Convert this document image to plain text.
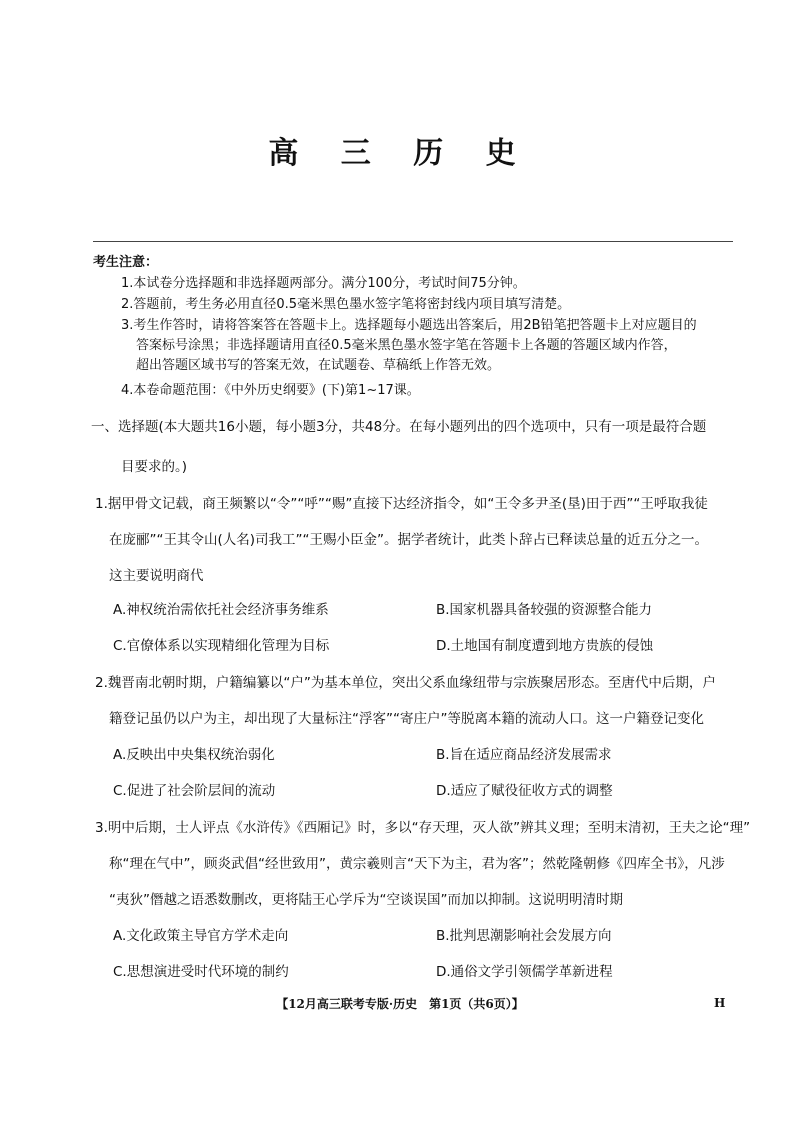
高 三 历 史
考生注意：
1.本试卷分选择题和非选择题两部分。满分100分，考试时间75分钟。
2.答题前，考生务必用直径0.5毫米黑色墨水签字笔将密封线内项目填写清楚。
3.考生作答时，请将答案答在答题卡上。选择题每小题选出答案后，用2B铅笔把答题卡上对应题目的
答案标号涂黑；非选择题请用直径0.5毫米黑色墨水签字笔在答题卡上各题的答题区域内作答，
超出答题区域书写的答案无效，在试题卷、草稿纸上作答无效。
4.本卷命题范围：《中外历史纲要》(下)第1~17课。
一、选择题(本大题共16小题，每小题3分，共48分。在每小题列出的四个选项中，只有一项是最符合题
目要求的。)
1.据甲骨文记载，商王频繁以“令”“呼”“赐”直接下达经济指令，如“王令多尹圣(垦)田于西”“王呼取我徒
在庞郦”“王其令山(人名)司我工”“王赐小臣金”。据学者统计，此类卜辞占已释读总量的近五分之一。
这主要说明商代
A.神权统治需依托社会经济事务维系	B.国家机器具备较强的资源整合能力
C.官僚体系以实现精细化管理为目标	D.土地国有制度遭到地方贵族的侵蚀
2.魏晋南北朝时期，户籍编纂以“户”为基本单位，突出父系血缘纽带与宗族聚居形态。至唐代中后期，户
籍登记虽仍以户为主，却出现了大量标注“浮客”“寄庄户”等脱离本籍的流动人口。这一户籍登记变化
A.反映出中央集权统治弱化	B.旨在适应商品经济发展需求
C.促进了社会阶层间的流动	D.适应了赋役征收方式的调整
3.明中后期，士人评点《水浒传》《西厢记》时，多以“存天理，灭人欲”辨其义理；至明末清初，王夫之论“理”
称“理在气中”，顾炎武倡“经世致用”，黄宗羲则言“天下为主，君为客”；然乾隆朝修《四库全书》，凡涉
“夷狄”僭越之语悉数删改，更将陆王心学斥为“空谈误国”而加以抑制。这说明明清时期
A.文化政策主导官方学术走向	B.批判思潮影响社会发展方向
C.思想演进受时代环境的制约	D.通俗文学引领儒学革新进程
【12月高三联考专版·历史　第1页（共6页）】	H
